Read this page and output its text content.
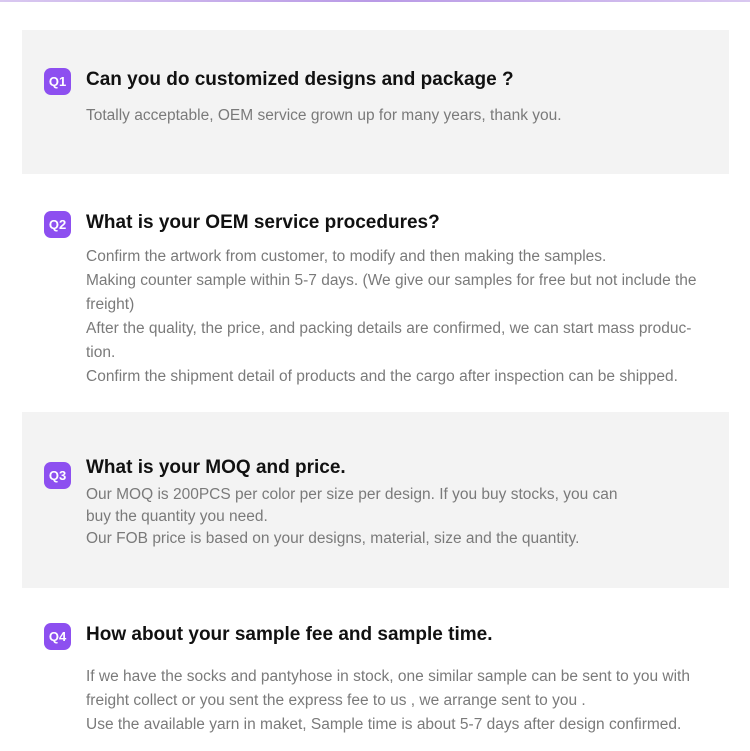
Q1 Can you do customized designs and package ?

Totally acceptable, OEM service grown up for many years, thank you.

Q2 What is your OEM service procedures?

Confirm the artwork from customer, to modify and then making the samples.

Making counter sample within 5-7 days. (We give our samples for free but not include the

freight)

After the quality, the price, and packing details are confirmed, we can start mass produc-

tion.

Confirm the shipment detail of products and the cargo after inspection can be shipped.

Q3 What is your MOQ and price.

Our MOQ is 200PCS per color per size per design. If you buy stocks, you can

buy the quantity you need.

Our FOB price is based on your designs, material, size and the quantity.

Q4 How about your sample fee and sample time.

If we have the socks and pantyhose in stock, one similar sample can be sent to you with

freight collect or you sent the express fee to us , we arrange sent to you .

Use the available yarn in maket, Sample time is about 5-7 days after design confirmed.
